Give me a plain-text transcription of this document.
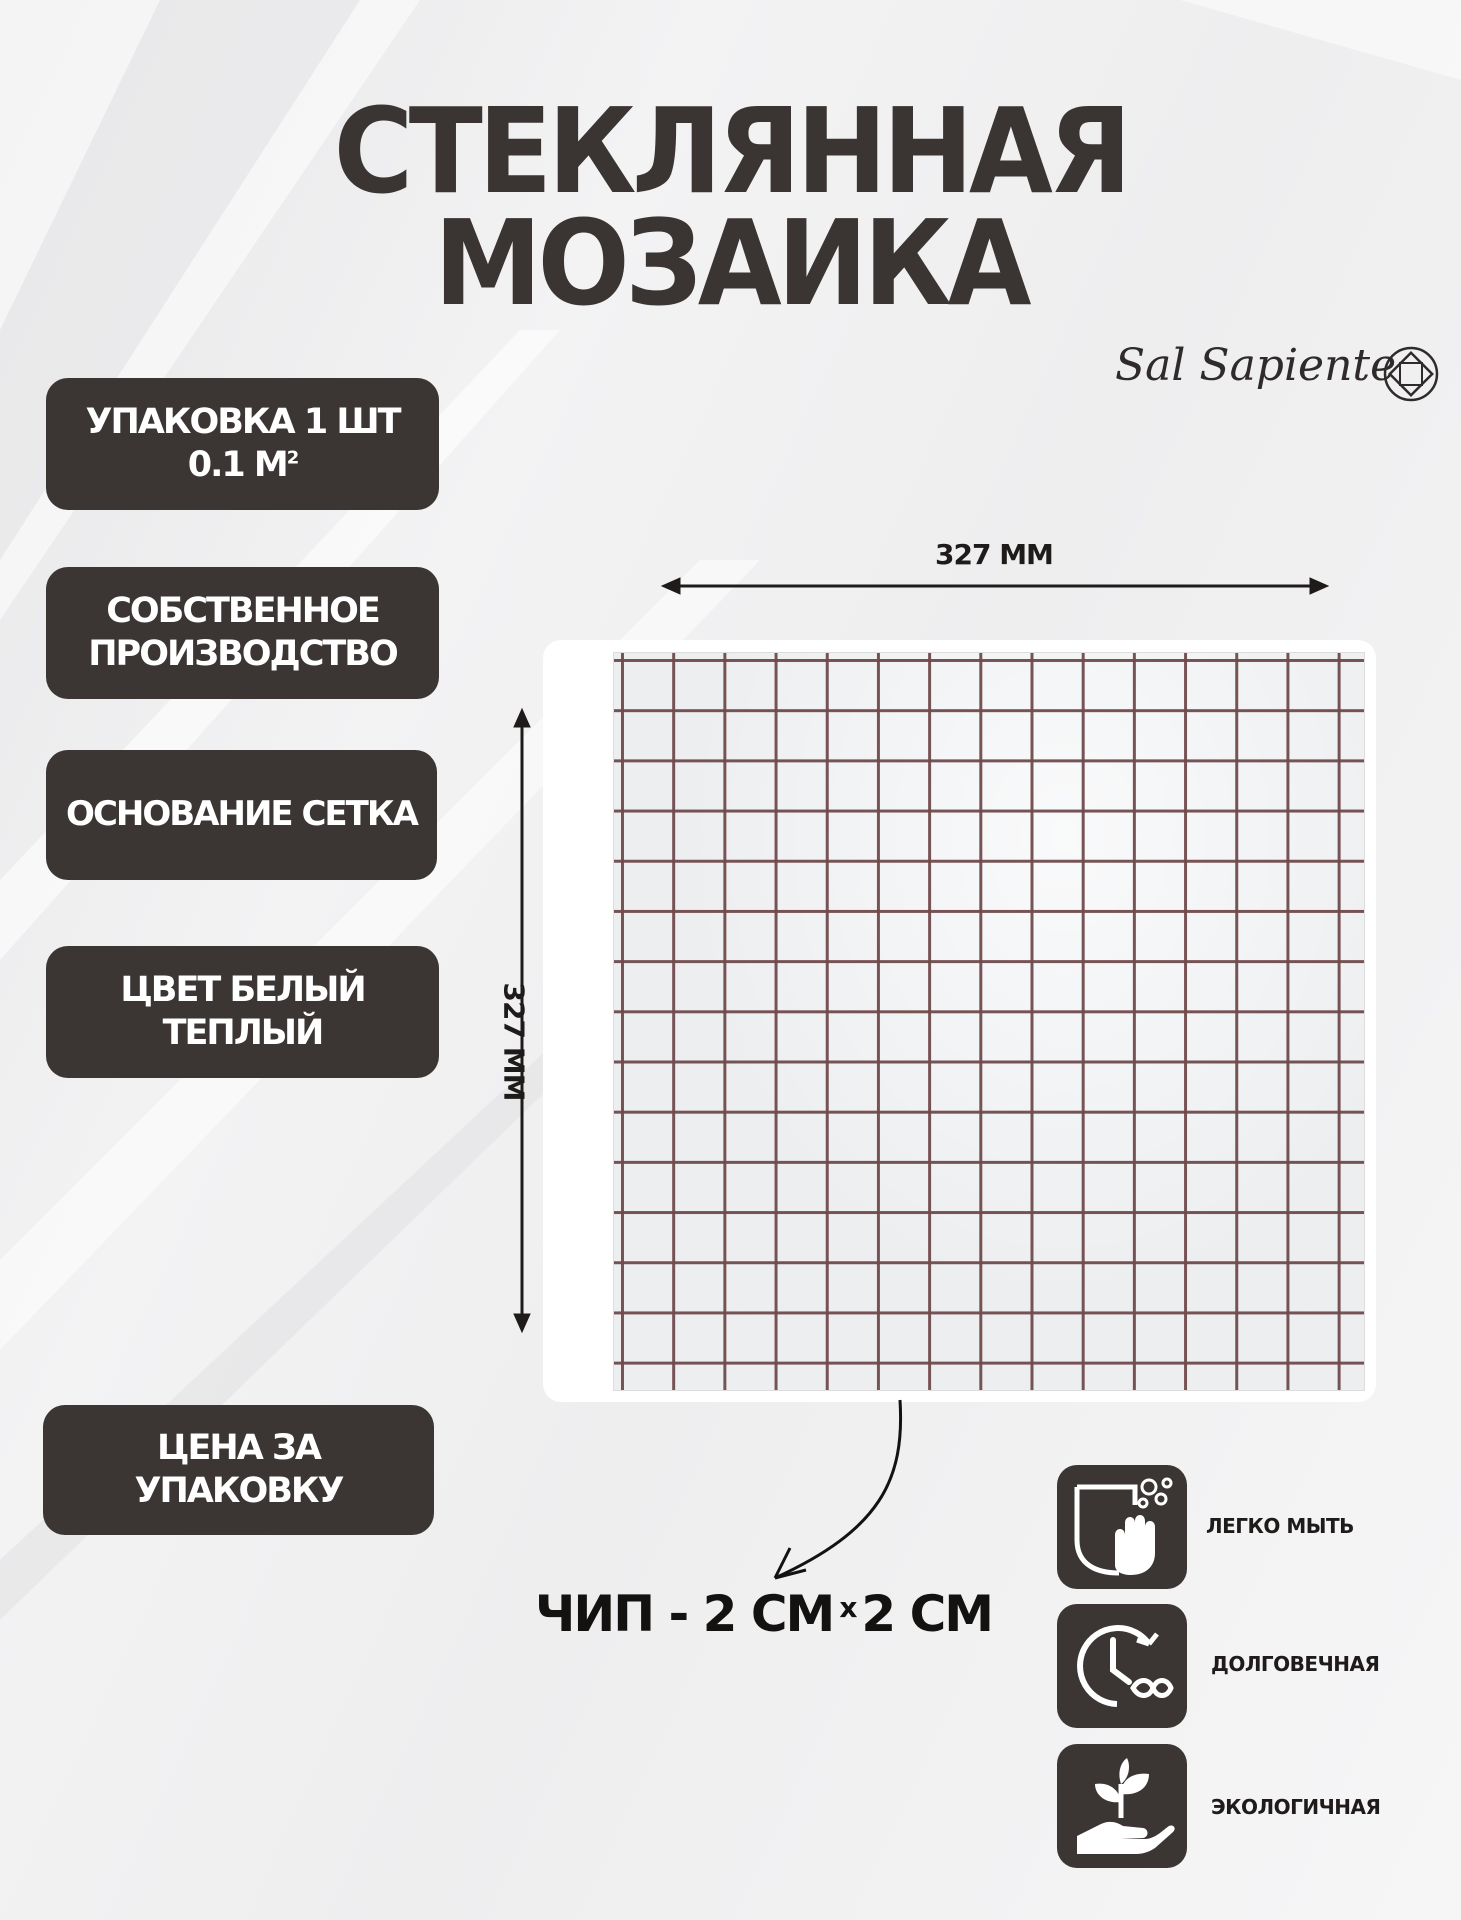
СТЕКЛЯННАЯ
МОЗАИКА
Sal Sapiente
УПАКОВКА 1 ШТ
0.1 $М^2$
СОБСТВЕННОЕ
ПРОИЗВОДСТВО
ОСНОВАНИЕ СЕТКА
ЦВЕТ БЕЛЫЙ
ТЕПЛЫЙ
ЦЕНА ЗА
УПАКОВКУ
327 ММ
327 ММ
ЧИП - 2 СМ $^x$ 2 СМ
ЛЕГКО МЫТЬ
ДОЛГОВЕЧНАЯ
ЭКОЛОГИЧНАЯ
